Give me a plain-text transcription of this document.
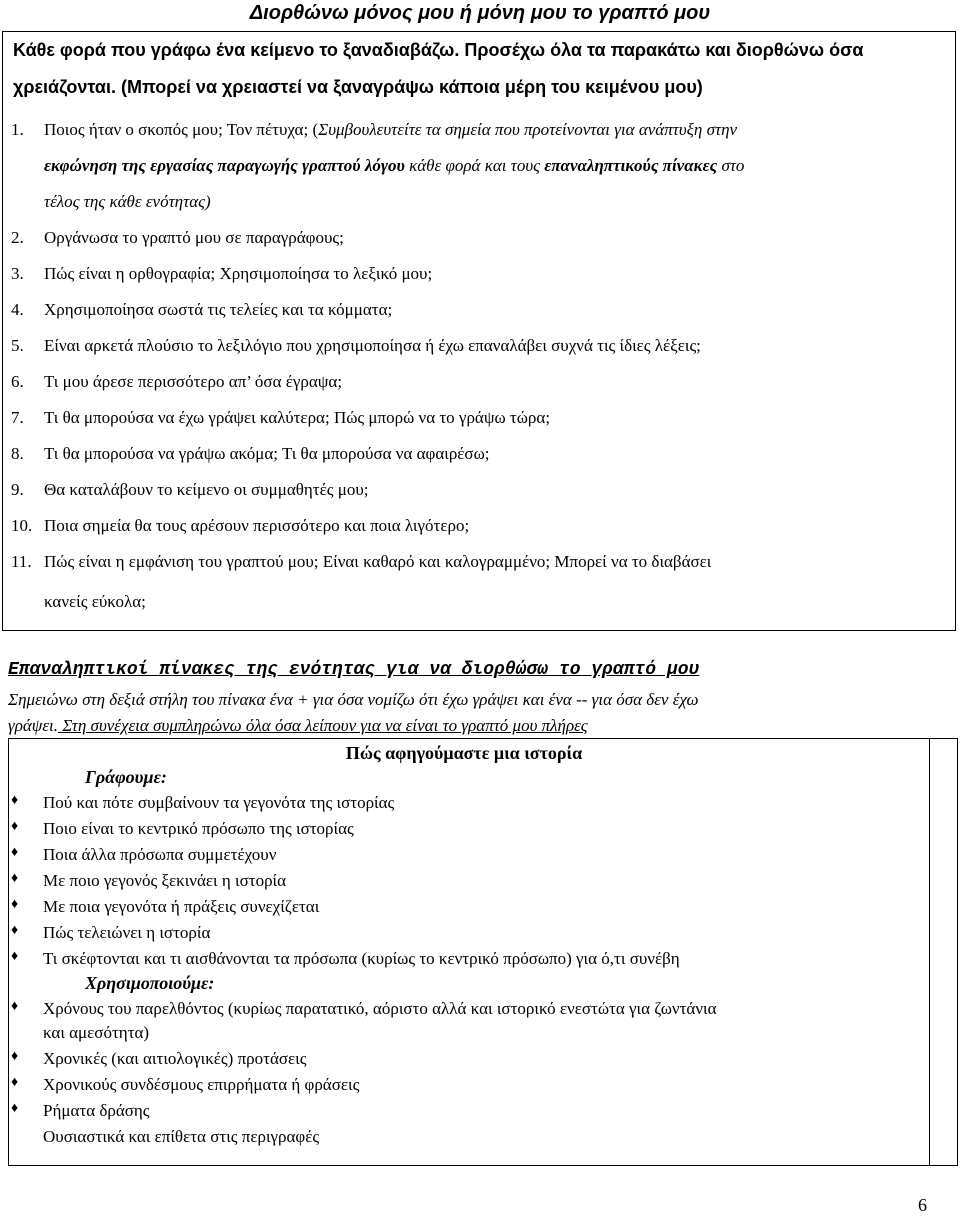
Διορθώνω μόνος μου ή μόνη μου το γραπτό μου
Κάθε φορά που γράφω ένα κείμενο το ξαναδιαβάζω. Προσέχω όλα τα παρακάτω και διορθώνω όσα
χρειάζονται. (Μπορεί να χρειαστεί να ξαναγράψω κάποια μέρη του κειμένου μου)
1. Ποιος ήταν ο σκοπός μου; Τον πέτυχα; (Συμβουλευτείτε τα σημεία που προτείνονται για ανάπτυξη στην
εκφώνηση της εργασίας παραγωγής γραπτού λόγου κάθε φορά και τους επαναληπτικούς πίνακες στο
τέλος της κάθε ενότητας)
2. Οργάνωσα το γραπτό μου σε παραγράφους;
3. Πώς είναι η ορθογραφία; Χρησιμοποίησα το λεξικό μου;
4. Χρησιμοποίησα σωστά τις τελείες και τα κόμματα;
5. Είναι αρκετά πλούσιο το λεξιλόγιο που χρησιμοποίησα ή έχω επαναλάβει συχνά τις ίδιες λέξεις;
6. Τι μου άρεσε περισσότερο απ’ όσα έγραψα;
7. Τι θα μπορούσα να έχω γράψει καλύτερα; Πώς μπορώ να το γράψω τώρα;
8. Τι θα μπορούσα να γράψω ακόμα; Τι θα μπορούσα να αφαιρέσω;
9. Θα καταλάβουν το κείμενο οι συμμαθητές μου;
10. Ποια σημεία θα τους αρέσουν περισσότερο και ποια λιγότερο;
11. Πώς είναι η εμφάνιση του γραπτού μου; Είναι καθαρό και καλογραμμένο; Μπορεί να το διαβάσει
κανείς εύκολα;
Επαναληπτικοί πίνακες της ενότητας για να διορθώσω το γραπτό μου
Σημειώνω στη δεξιά στήλη του πίνακα ένα + για όσα νομίζω ότι έχω γράψει και ένα -- για όσα δεν έχω
γράψει. Στη συνέχεια συμπληρώνω όλα όσα λείπουν για να είναι το γραπτό μου πλήρες
Πώς αφηγούμαστε μια ιστορία
Γράφουμε:
♦ Πού και πότε συμβαίνουν τα γεγονότα της ιστορίας
♦ Ποιο είναι το κεντρικό πρόσωπο της ιστορίας
♦ Ποια άλλα πρόσωπα συμμετέχουν
♦ Με ποιο γεγονός ξεκινάει η ιστορία
♦ Με ποια γεγονότα ή πράξεις συνεχίζεται
♦ Πώς τελειώνει η ιστορία
♦ Τι σκέφτονται και τι αισθάνονται τα πρόσωπα (κυρίως το κεντρικό πρόσωπο) για ό,τι συνέβη
Χρησιμοποιούμε:
♦ Χρόνους του παρελθόντος (κυρίως παρατατικό, αόριστο αλλά και ιστορικό ενεστώτα για ζωντάνια
και αμεσότητα)
♦ Χρονικές (και αιτιολογικές) προτάσεις
♦ Χρονικούς συνδέσμους επιρρήματα ή φράσεις
♦ Ρήματα δράσης
Ουσιαστικά και επίθετα στις περιγραφές
6
